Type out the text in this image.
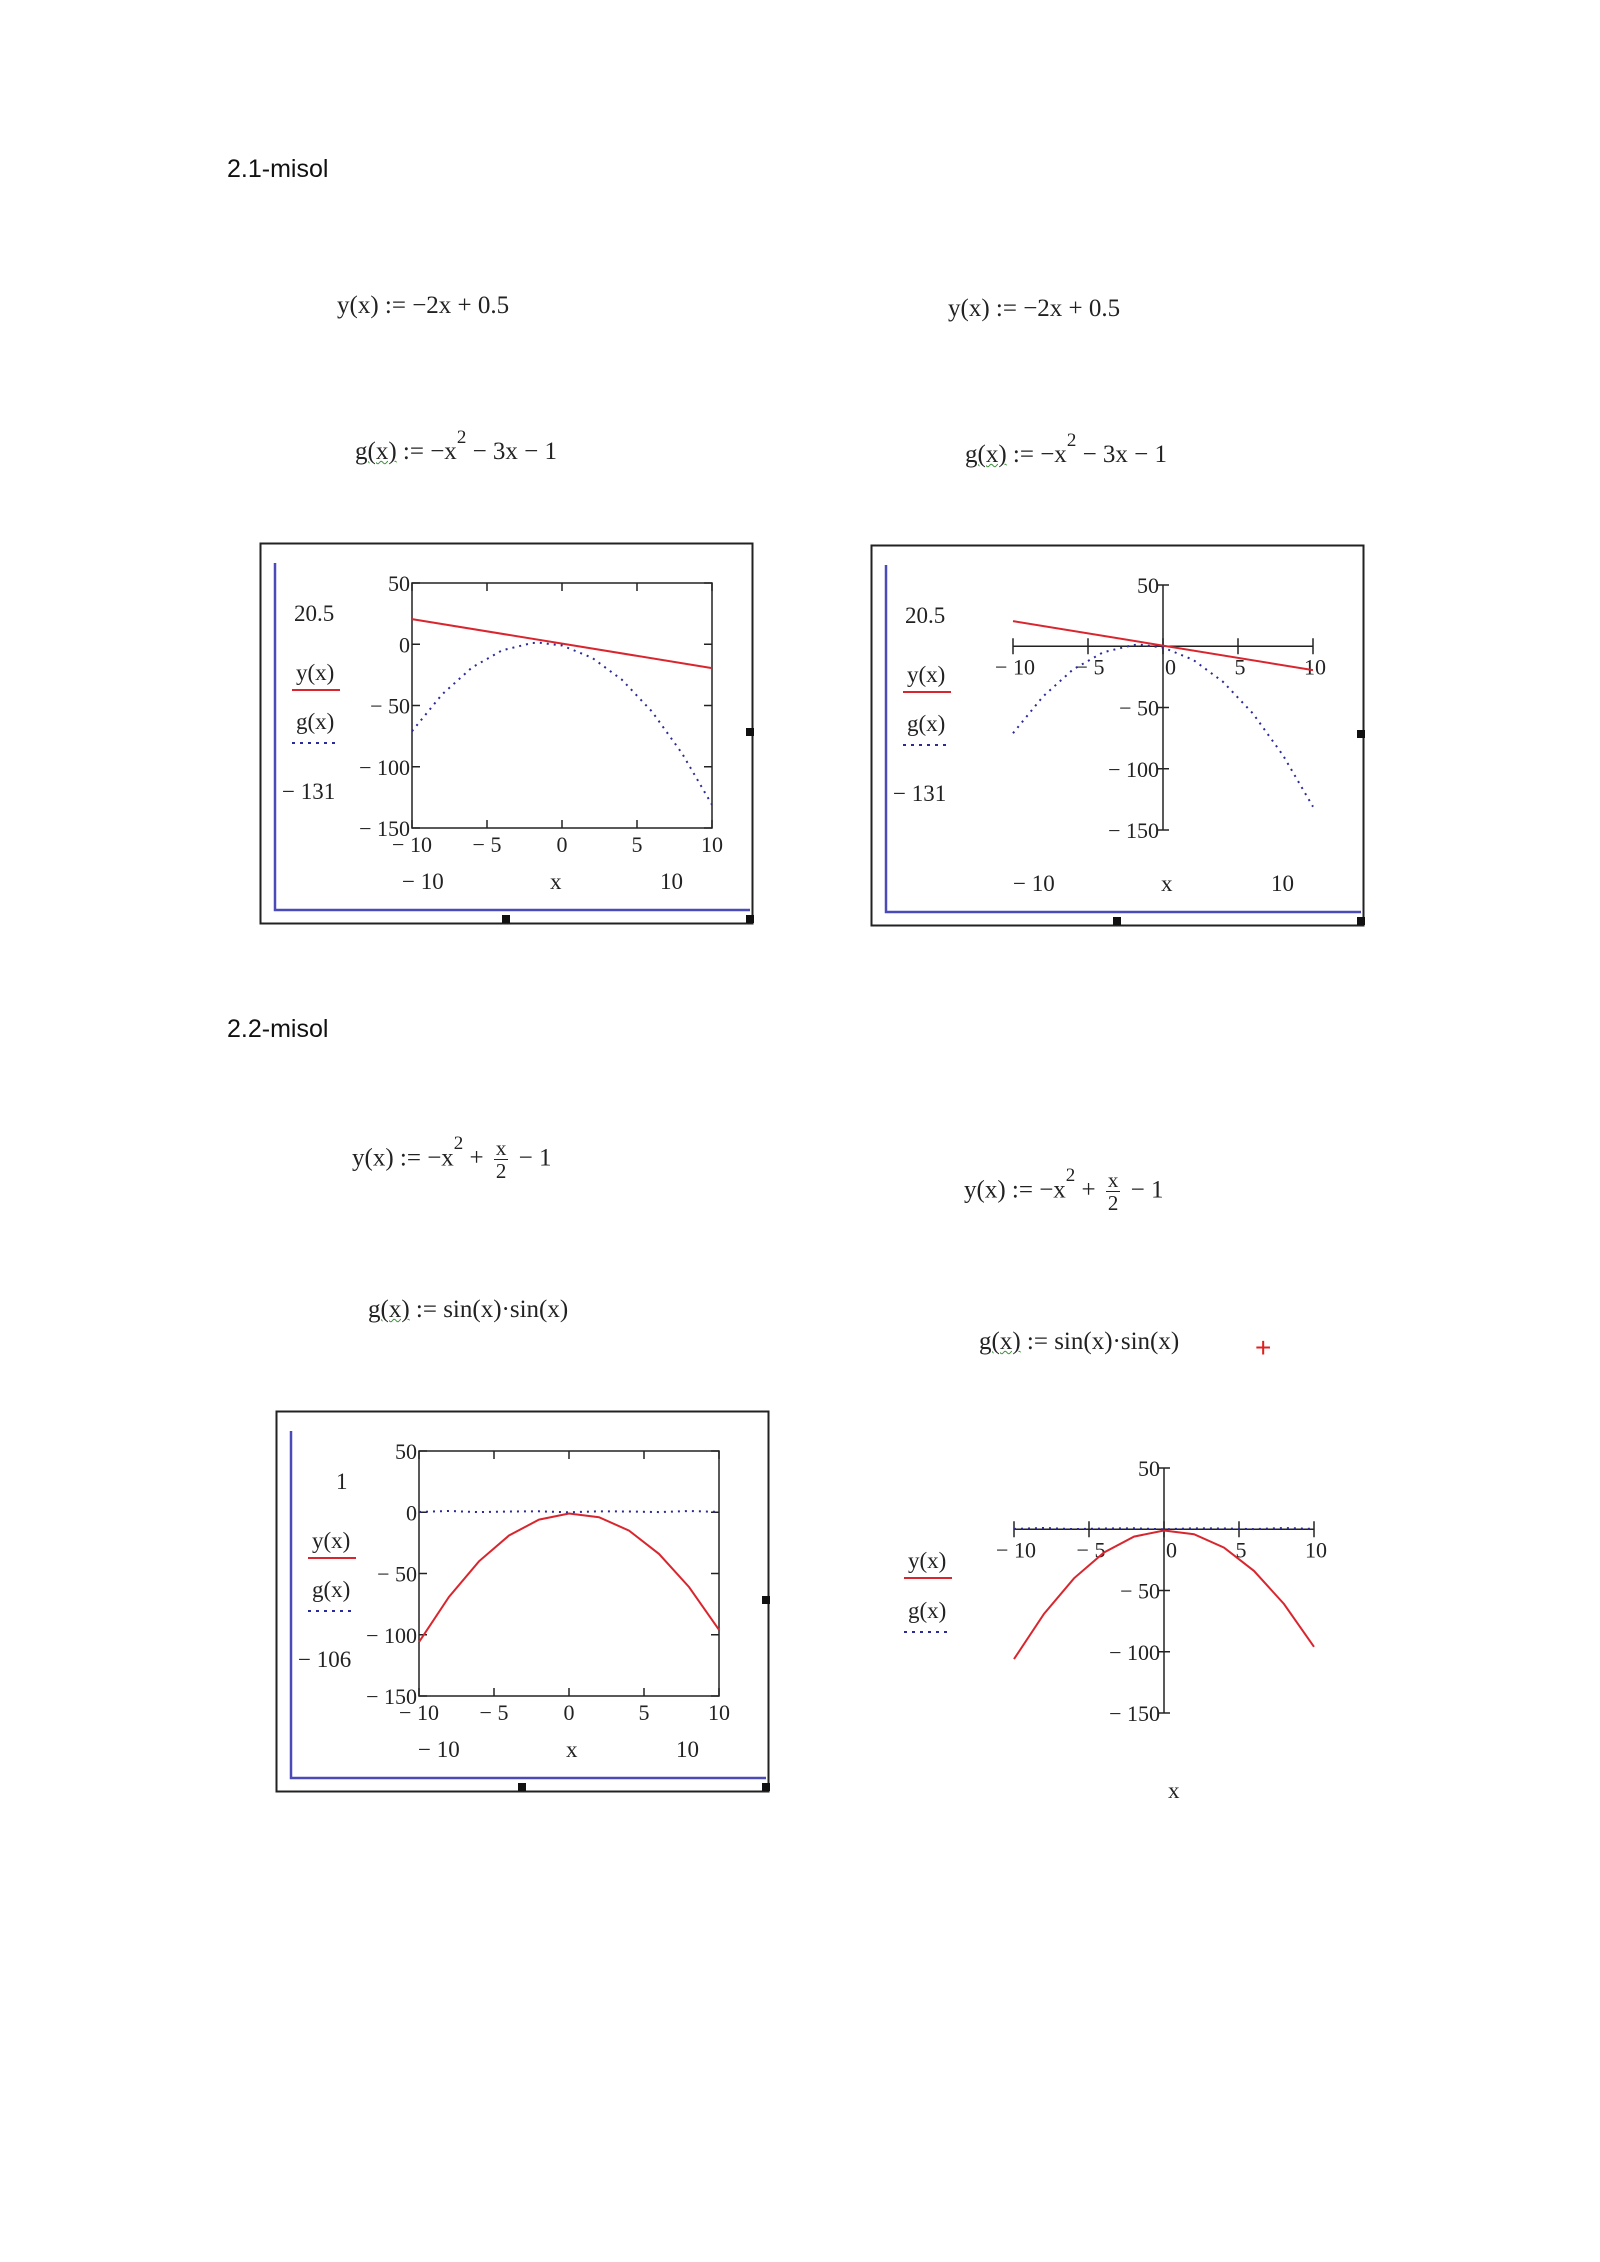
2.1-misol
y(x) := −2x + 0.5
g(x) := $-x^2 - 3x - 1$
y(x) := −2x + 0.5
g(x) := $-x^2 - 3x - 1$
− 10 − 5	0	5	10
50
0
− 50
− 100
− 150
20.5
y(x)
g(x)
− 131
− 10	x	10
− 10 − 5	0	5	10
50
− 50
− 100
− 150
20.5
y(x)
g(x)
− 131
− 10	x	10
2.2-misol
y(x) := $-x^2 + \frac{x}{2} - 1$
g(x) := sin(x)·sin(x)
y(x) := $-x^2 + \frac{x}{2} - 1$
g(x) := sin(x)·sin(x)	+
− 10 − 5	0	5	10
50
0
− 50
− 100
− 150
1
y(x)
g(x)
− 106
− 10	x	10
− 10 − 5	0	5	10
50
− 50
− 100
− 150
y(x)
g(x)
x
